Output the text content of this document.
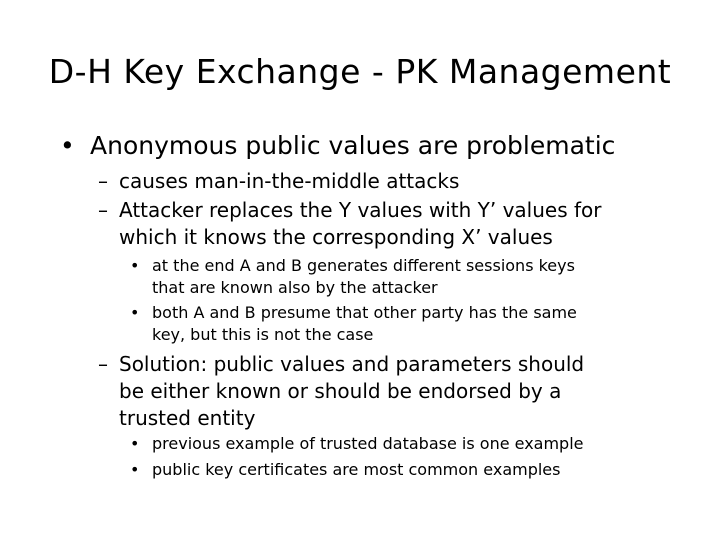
D-H Key Exchange - PK Management
• Anonymous public values are problematic
– causes man-in-the-middle attacks
– Attacker replaces the Y values with Y’ values for
which it knows the corresponding X’ values
• at the end A and B generates different sessions keys
that are known also by the attacker
• both A and B presume that other party has the same
key, but this is not the case
– Solution: public values and parameters should
be either known or should be endorsed by a
trusted entity
• previous example of trusted database is one example
• public key certificates are most common examples
